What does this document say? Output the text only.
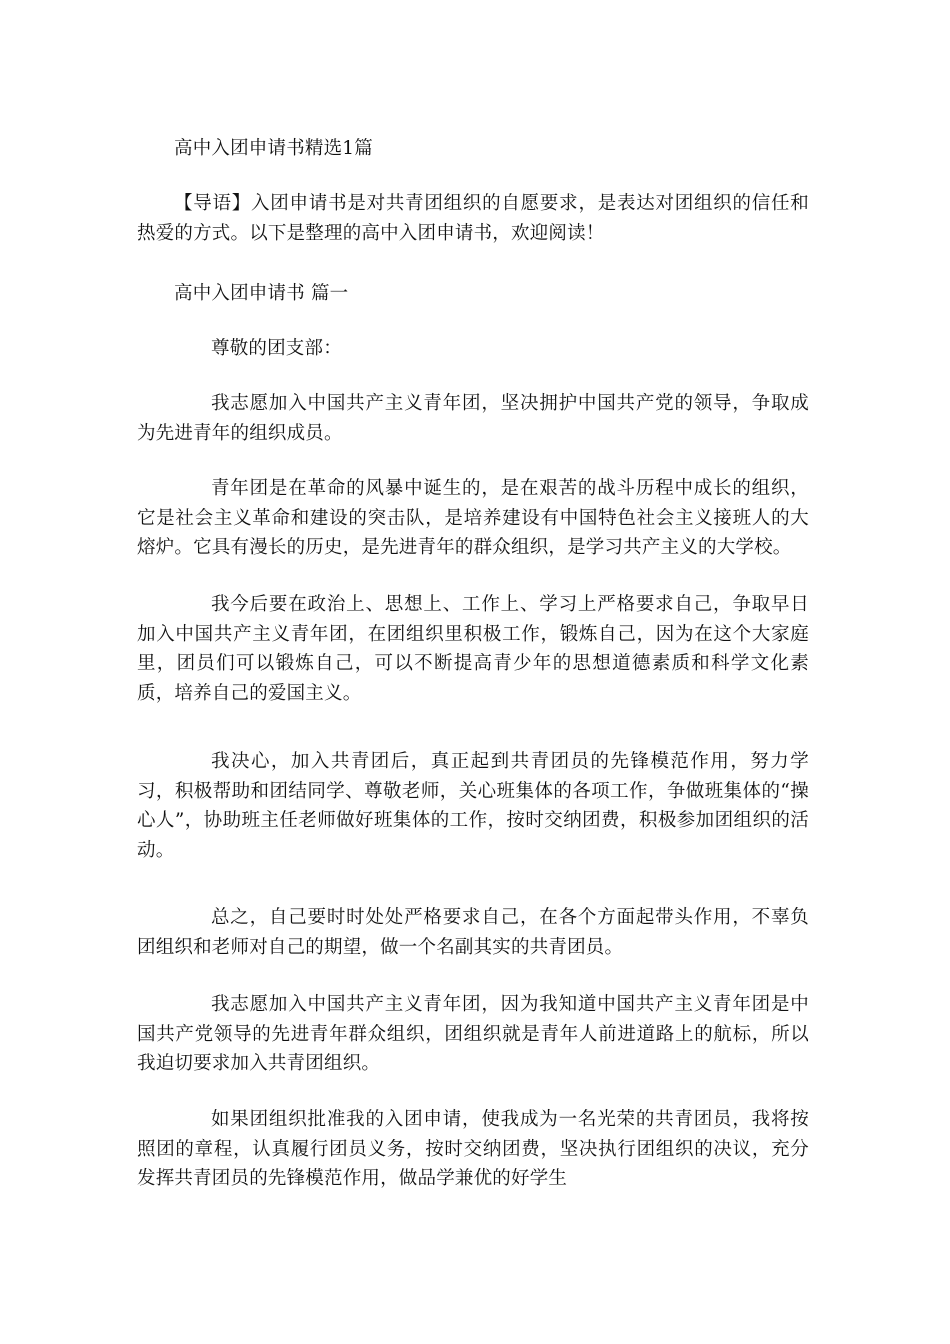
高中入团申请书精选1篇

【导语】入团申请书是对共青团组织的自愿要求，是表达对团组织的信任和热爱的方式。以下是整理的高中入团申请书，欢迎阅读！

高中入团申请书 篇一

尊敬的团支部：

我志愿加入中国共产主义青年团，坚决拥护中国共产党的领导，争取成为先进青年的组织成员。

青年团是在革命的风暴中诞生的，是在艰苦的战斗历程中成长的组织，它是社会主义革命和建设的突击队，是培养建设有中国特色社会主义接班人的大熔炉。它具有漫长的历史，是先进青年的群众组织，是学习共产主义的大学校。

我今后要在政治上、思想上、工作上、学习上严格要求自己，争取早日加入中国共产主义青年团，在团组织里积极工作，锻炼自己，因为在这个大家庭里，团员们可以锻炼自己，可以不断提高青少年的思想道德素质和科学文化素质，培养自己的爱国主义。

我决心，加入共青团后，真正起到共青团员的先锋模范作用，努力学习，积极帮助和团结同学、尊敬老师，关心班集体的各项工作，争做班集体的“操心人”，协助班主任老师做好班集体的工作，按时交纳团费，积极参加团组织的活动。

总之，自己要时时处处严格要求自己，在各个方面起带头作用，不辜负团组织和老师对自己的期望，做一个名副其实的共青团员。

我志愿加入中国共产主义青年团，因为我知道中国共产主义青年团是中国共产党领导的先进青年群众组织，团组织就是青年人前进道路上的航标，所以我迫切要求加入共青团组织。

如果团组织批准我的入团申请，使我成为一名光荣的共青团员，我将按照团的章程，认真履行团员义务，按时交纳团费，坚决执行团组织的决议，充分发挥共青团员的先锋模范作用，做品学兼优的好学生
